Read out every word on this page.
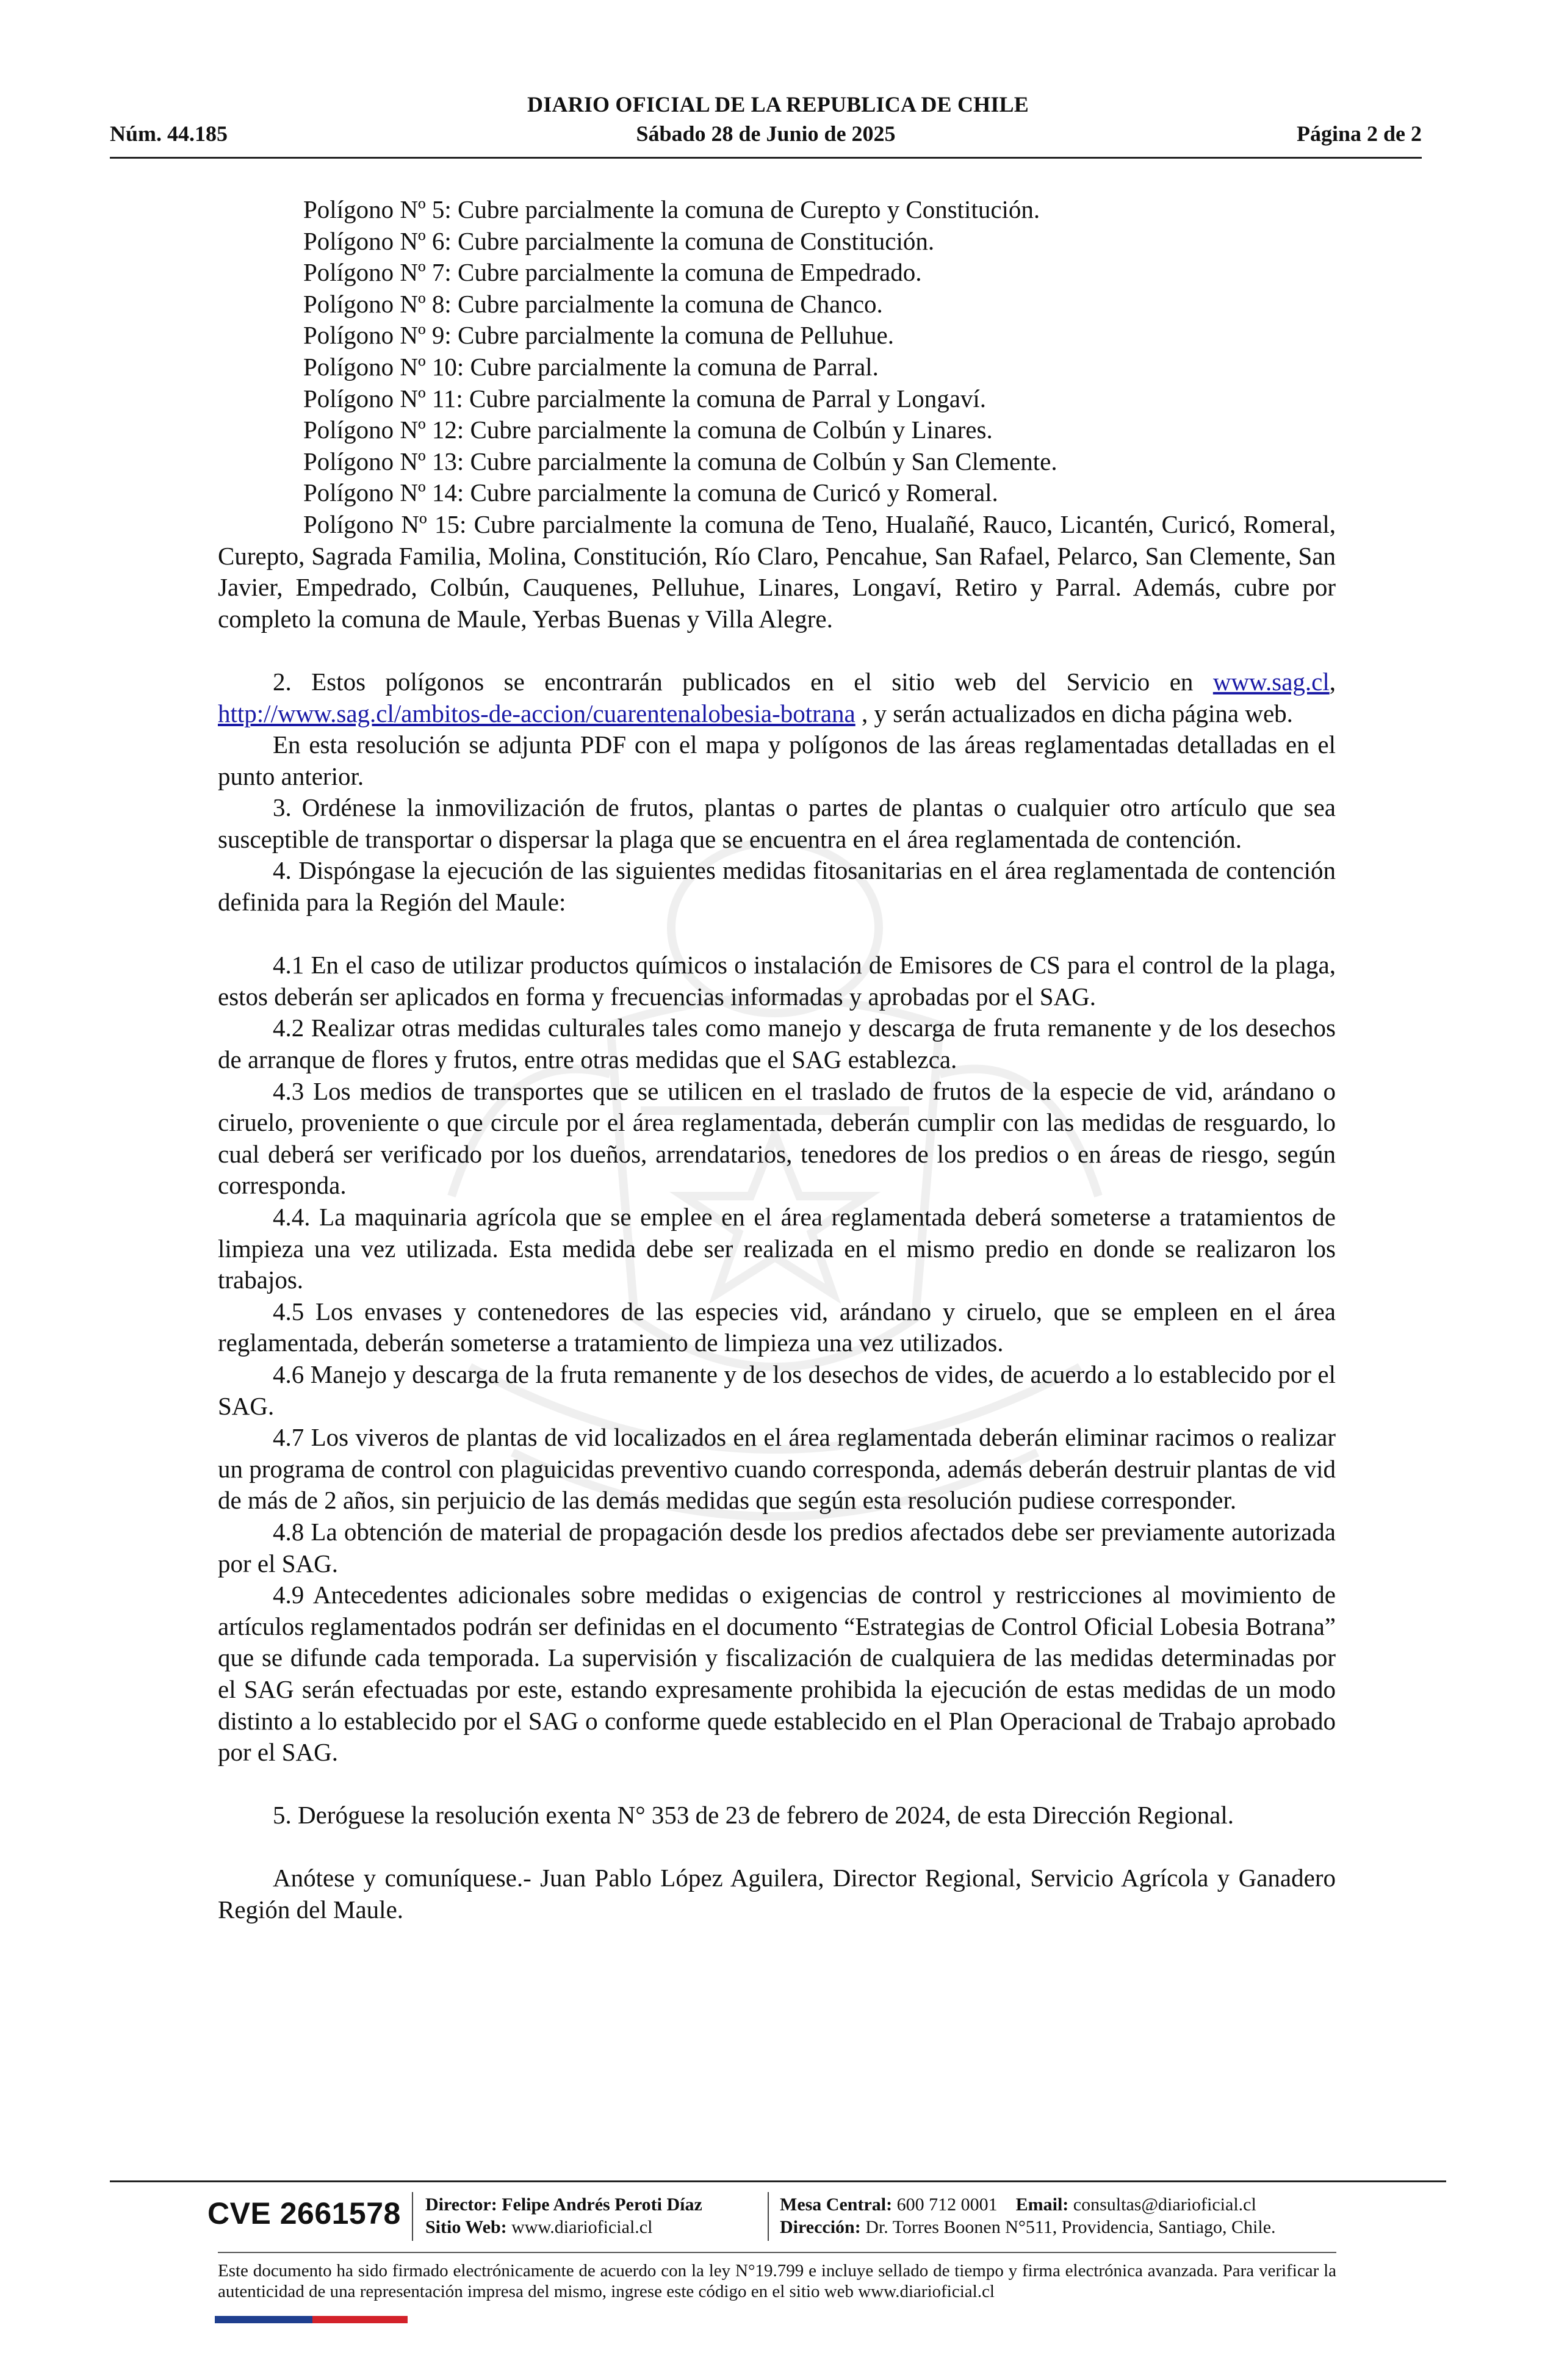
DIARIO OFICIAL DE LA REPUBLICA DE CHILE
Núm. 44.185	Sábado 28 de Junio de 2025	Página 2 de 2

Polígono Nº 5: Cubre parcialmente la comuna de Curepto y Constitución.

Polígono Nº 6: Cubre parcialmente la comuna de Constitución.

Polígono Nº 7: Cubre parcialmente la comuna de Empedrado.

Polígono Nº 8: Cubre parcialmente la comuna de Chanco.

Polígono Nº 9: Cubre parcialmente la comuna de Pelluhue.

Polígono Nº 10: Cubre parcialmente la comuna de Parral.

Polígono Nº 11: Cubre parcialmente la comuna de Parral y Longaví.

Polígono Nº 12: Cubre parcialmente la comuna de Colbún y Linares.

Polígono Nº 13: Cubre parcialmente la comuna de Colbún y San Clemente.

Polígono Nº 14: Cubre parcialmente la comuna de Curicó y Romeral.

Polígono Nº 15: Cubre parcialmente la comuna de Teno, Hualañé, Rauco, Licantén, Curicó, Romeral, Curepto, Sagrada Familia, Molina, Constitución, Río Claro, Pencahue, San Rafael, Pelarco, San Clemente, San Javier, Empedrado, Colbún, Cauquenes, Pelluhue, Linares, Longaví, Retiro y Parral. Además, cubre por completo la comuna de Maule, Yerbas Buenas y Villa Alegre.

2. Estos polígonos se encontrarán publicados en el sitio web del Servicio en www.sag.cl, http://www.sag.cl/ambitos-de-accion/cuarentenalobesia-botrana , y serán actualizados en dicha página web.

En esta resolución se adjunta PDF con el mapa y polígonos de las áreas reglamentadas detalladas en el punto anterior.

3. Ordénese la inmovilización de frutos, plantas o partes de plantas o cualquier otro artículo que sea susceptible de transportar o dispersar la plaga que se encuentra en el área reglamentada de contención.

4. Dispóngase la ejecución de las siguientes medidas fitosanitarias en el área reglamentada de contención definida para la Región del Maule:

4.1 En el caso de utilizar productos químicos o instalación de Emisores de CS para el control de la plaga, estos deberán ser aplicados en forma y frecuencias informadas y aprobadas por el SAG.

4.2 Realizar otras medidas culturales tales como manejo y descarga de fruta remanente y de los desechos de arranque de flores y frutos, entre otras medidas que el SAG establezca.

4.3 Los medios de transportes que se utilicen en el traslado de frutos de la especie de vid, arándano o ciruelo, proveniente o que circule por el área reglamentada, deberán cumplir con las medidas de resguardo, lo cual deberá ser verificado por los dueños, arrendatarios, tenedores de los predios o en áreas de riesgo, según corresponda.

4.4. La maquinaria agrícola que se emplee en el área reglamentada deberá someterse a tratamientos de limpieza una vez utilizada. Esta medida debe ser realizada en el mismo predio en donde se realizaron los trabajos.

4.5 Los envases y contenedores de las especies vid, arándano y ciruelo, que se empleen en el área reglamentada, deberán someterse a tratamiento de limpieza una vez utilizados.

4.6 Manejo y descarga de la fruta remanente y de los desechos de vides, de acuerdo a lo establecido por el SAG.

4.7 Los viveros de plantas de vid localizados en el área reglamentada deberán eliminar racimos o realizar un programa de control con plaguicidas preventivo cuando corresponda, además deberán destruir plantas de vid de más de 2 años, sin perjuicio de las demás medidas que según esta resolución pudiese corresponder.

4.8 La obtención de material de propagación desde los predios afectados debe ser previamente autorizada por el SAG.

4.9 Antecedentes adicionales sobre medidas o exigencias de control y restricciones al movimiento de artículos reglamentados podrán ser definidas en el documento “Estrategias de Control Oficial Lobesia Botrana” que se difunde cada temporada. La supervisión y fiscalización de cualquiera de las medidas determinadas por el SAG serán efectuadas por este, estando expresamente prohibida la ejecución de estas medidas de un modo distinto a lo establecido por el SAG o conforme quede establecido en el Plan Operacional de Trabajo aprobado por el SAG.

5. Deróguese la resolución exenta N° 353 de 23 de febrero de 2024, de esta Dirección Regional.

Anótese y comuníquese.- Juan Pablo López Aguilera, Director Regional, Servicio Agrícola y Ganadero Región del Maule.

CVE 2661578 Director: Felipe Andrés Peroti Díaz
Sitio Web: www.diarioficial.cl
Mesa Central: 600 712 0001 Email: consultas@diarioficial.cl
Dirección: Dr. Torres Boonen N°511, Providencia, Santiago, Chile.
Este documento ha sido firmado electrónicamente de acuerdo con la ley N°19.799 e incluye sellado de tiempo y firma electrónica avanzada. Para verificar la autenticidad de una representación impresa del mismo, ingrese este código en el sitio web www.diarioficial.cl
